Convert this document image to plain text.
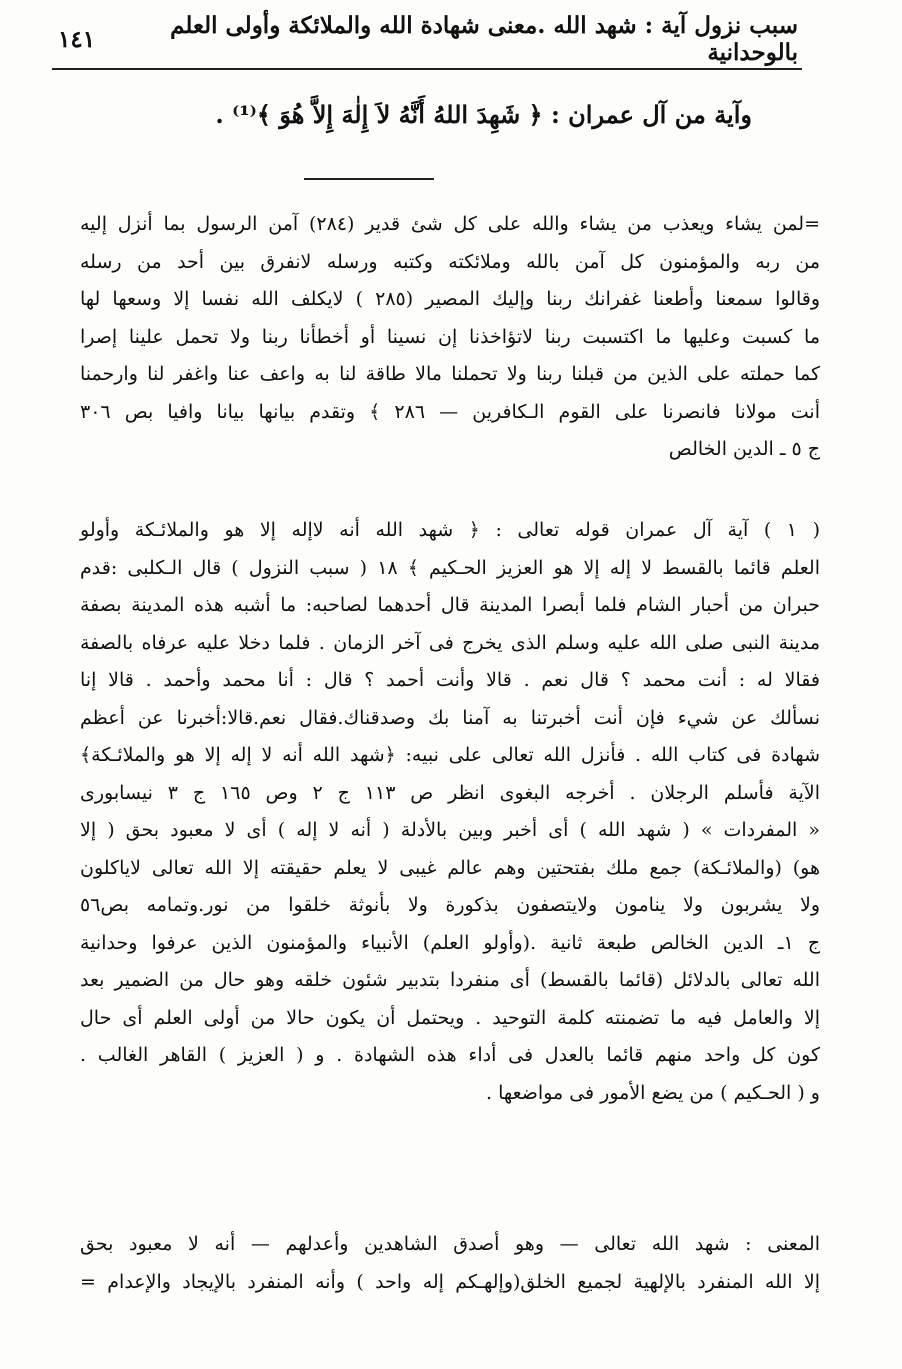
سبب نزول آية : شهد الله .معنى شهادة الله والملائكة وأولى العلم بالوحدانية
١٤١
وآية من آل عمران : ﴿ شَهِدَ اللهُ أَنَّهُ لاَ إِلٰهَ إِلاَّ هُوَ ﴾⁽¹⁾ .
=لمن يشاء ويعذب من يشاء والله على كل شئ قدير (٢٨٤) آمن الرسول بما أنزل إليه
من ربه والمؤمنون كل آمن بالله وملائكته وكتبه ورسله لانفرق بين أحد من رسله
وقالوا سمعنا وأطعنا غفرانك ربنا وإليك المصير (٢٨٥ ) لايكلف الله نفسا إلا وسعها لها
ما كسبت وعليها ما اكتسبت ربنا لاتؤاخذنا إن نسينا أو أخطأنا ربنا ولا تحمل علينا إصرا
كما حملته على الذين من قبلنا ربنا ولا تحملنا مالا طاقة لنا به واعف عنا واغفر لنا وارحمنا
أنت مولانا فانصرنا على القوم الـكافرين — ٢٨٦ ﴾ وتقدم بيانها بيانا وافيا بص ٣٠٦
ج ٥ ـ الدين الخالص
( ١ ) آية آل عمران قوله تعالى : ﴿ شهد الله أنه لاإله إلا هو والملائـكة وأولو
العلم قائما بالقسط لا إله إلا هو العزيز الحـكيم ﴾ ١٨ ( سبب النزول ) قال الـكلبى :قدم
حبران من أحبار الشام فلما أبصرا المدينة قال أحدهما لصاحبه: ما أشبه هذه المدينة بصفة
مدينة النبى صلى الله عليه وسلم الذى يخرج فى آخر الزمان . فلما دخلا عليه عرفاه بالصفة
فقالا له : أنت محمد ؟ قال نعم . قالا وأنت أحمد ؟ قال : أنا محمد وأحمد . قالا إنا
نسألك عن شيء فإن أنت أخبرتنا به آمنا بك وصدقناك.فقال نعم.قالا:أخبرنا عن أعظم
شهادة فى كتاب الله . فأنزل الله تعالى على نبيه: ﴿شهد الله أنه لا إله إلا هو والملائـكة﴾
الآية فأسلم الرجلان . أخرجه البغوى انظر ص ١١٣ ج ٢ وص ١٦٥ ج ٣ نيسابورى
« المفردات » ( شهد الله ) أى أخبر وبين بالأدلة ( أنه لا إله ) أى لا معبود بحق ( إلا
هو) (والملائـكة) جمع ملك بفتحتين وهم عالم غيبى لا يعلم حقيقته إلا الله تعالى لاياكلون
ولا يشربون ولا ينامون ولايتصفون بذكورة ولا بأنوثة خلقوا من نور.وتمامه بص٥٦
ج ١ـ الدين الخالص طبعة ثانية .(وأولو العلم) الأنبياء والمؤمنون الذين عرفوا وحدانية
الله تعالى بالدلائل (قائما بالقسط) أى منفردا بتدبير شئون خلقه وهو حال من الضمير بعد
إلا والعامل فيه ما تضمنته كلمة التوحيد . ويحتمل أن يكون حالا من أولى العلم أى حال
كون كل واحد منهم قائما بالعدل فى أداء هذه الشهادة . و ( العزيز ) القاهر الغالب .
و ( الحـكيم ) من يضع الأمور فى مواضعها .
المعنى : شهد الله تعالى — وهو أصدق الشاهدين وأعدلهم — أنه لا معبود بحق
إلا الله المنفرد بالإلهية لجميع الخلق(وإلهـكم إله واحد ) وأنه المنفرد بالإيجاد والإعدام =
